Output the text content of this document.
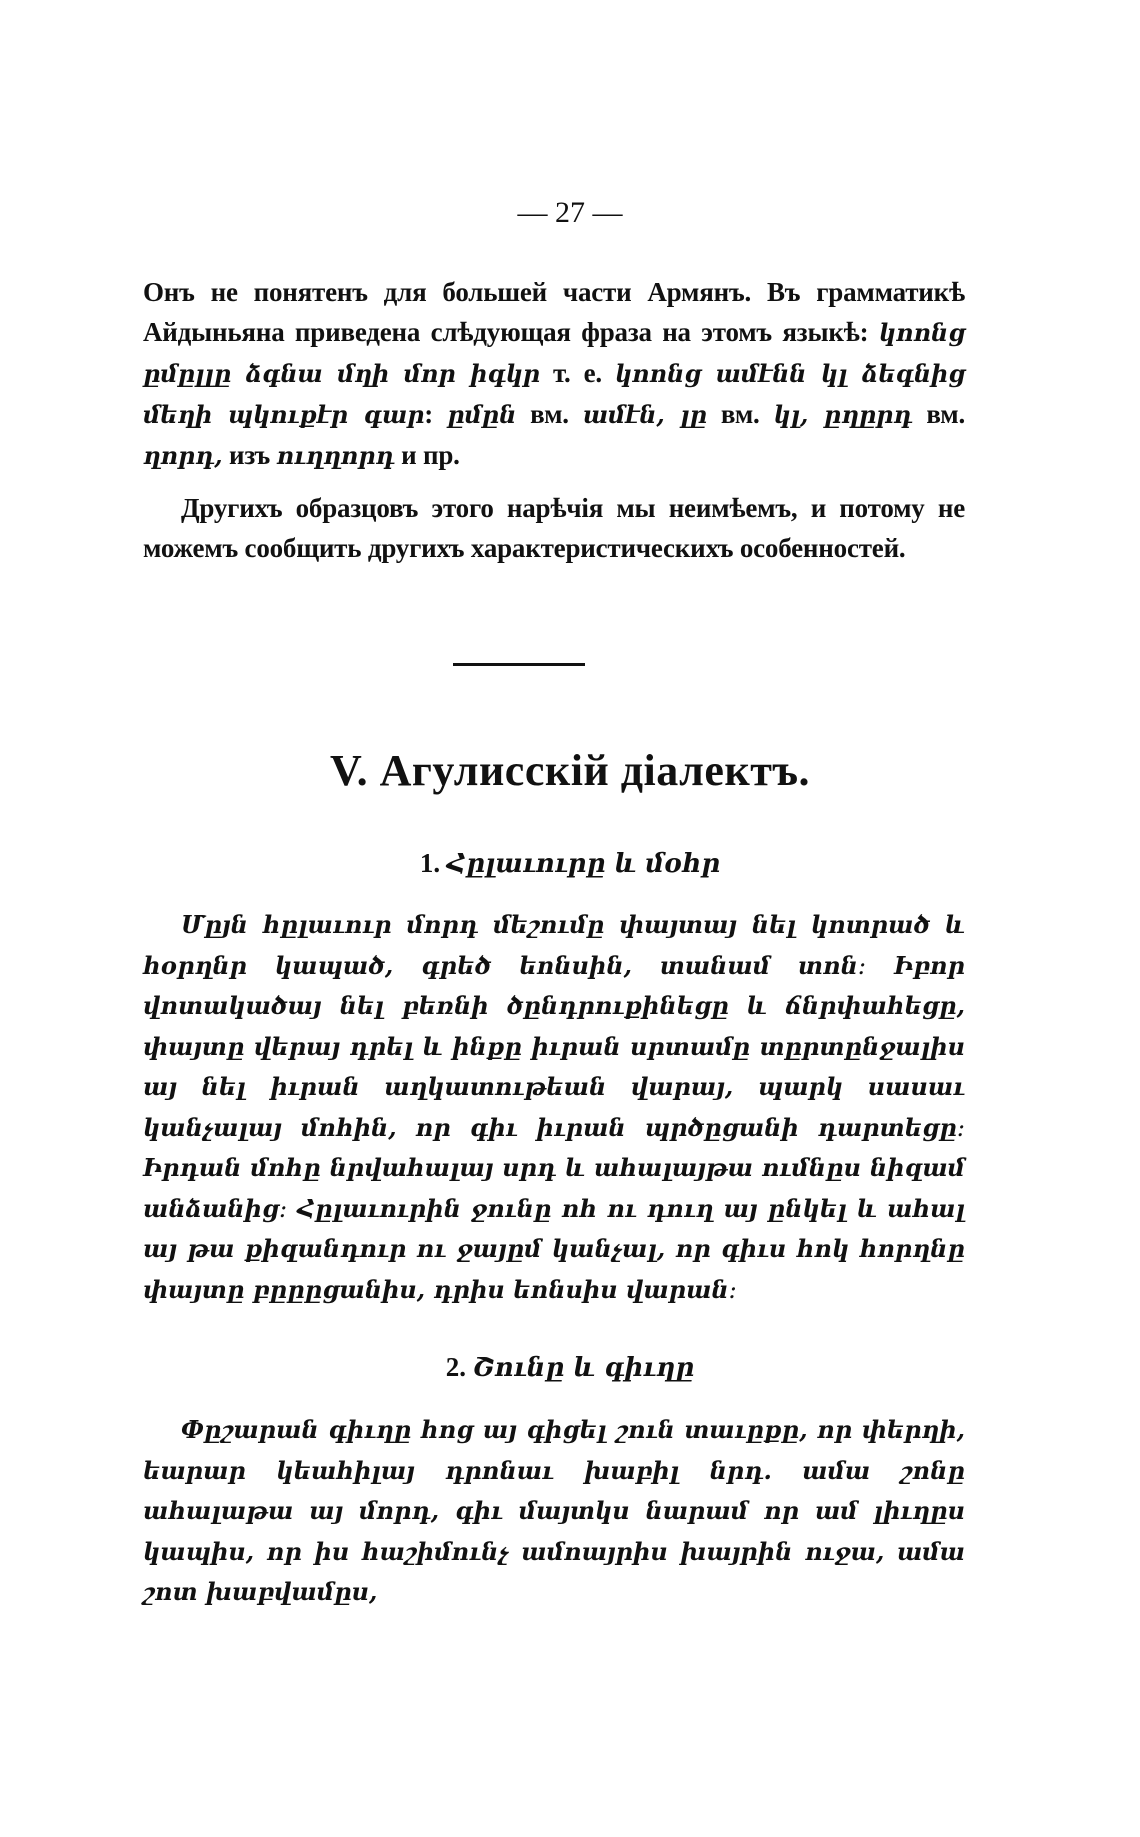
— 27 —

Онъ не понятенъ для большей части Армянъ. Въ грамматикѣ Айдыньяна приведена слѣдующая фраза на этомъ языкѣ: կոոնց ըմըլլը ձգնա մղի մոր իգկր т. е. կոոնց ամէնն կլ ձեգնից մեղի պկուքէր գար: ըմըն вм. ամէն, լը вм. կլ, ըղըրդ вм. ղորդ, изъ ուղղորդ и пр.

Другихъ образцовъ этого нарѣчія мы неимѣемъ, и потому не можемъ сообщить другихъ характеристическихъ особенностей.

V. Агулисскій діалектъ.
1. Հըլաւուրը և մօհր

Մըյն հըլաւուր մորդ մեշումը փայտայ նել կոտրած և հօրղնր կապած, գրեծ եոնսին, տանամ տոն։ Իբոր վոտակածայ նել բեռնի ծընդրուքինեցը և ճնրփահեցը, փայտը վերայ դրել և ինքը իւրան սրտամը տըրտընջալիս այ նել իւրան աղկատութեան վարայ, պարկ սասաւ կանչալայ մոհին, որ գիւ իւրան պրծըցանի դարտեցը։ Իրդան մոհը նրվահալայ սրդ և ահալայթա ումնըս նիզամ անձանից։ Հըլաւուրին ջունը ոհ ու դուղ այ ընկել և ահալ այ թա քիզանդուր ու ջայըմ կանչալ, որ գիւս հոկ հորղնը փայտը բըըըցանիս, դրիս եոնսիս վարան։

2. Շունը և գիւղը

Փըշարան գիւղը հոց այ գիցել շուն տաւըքը, որ փերղի, եարար կեահիլայ դրոնաւ խաբիլ նրդ. ամա շոնը ահալաթա այ մորդ, գիւ մայտկս նարամ որ ամ լիւղըս կապիս, որ իս հաշիմունչ ամոայրիս խայրին ուջա, ամա շոտ խաբվամըս,
